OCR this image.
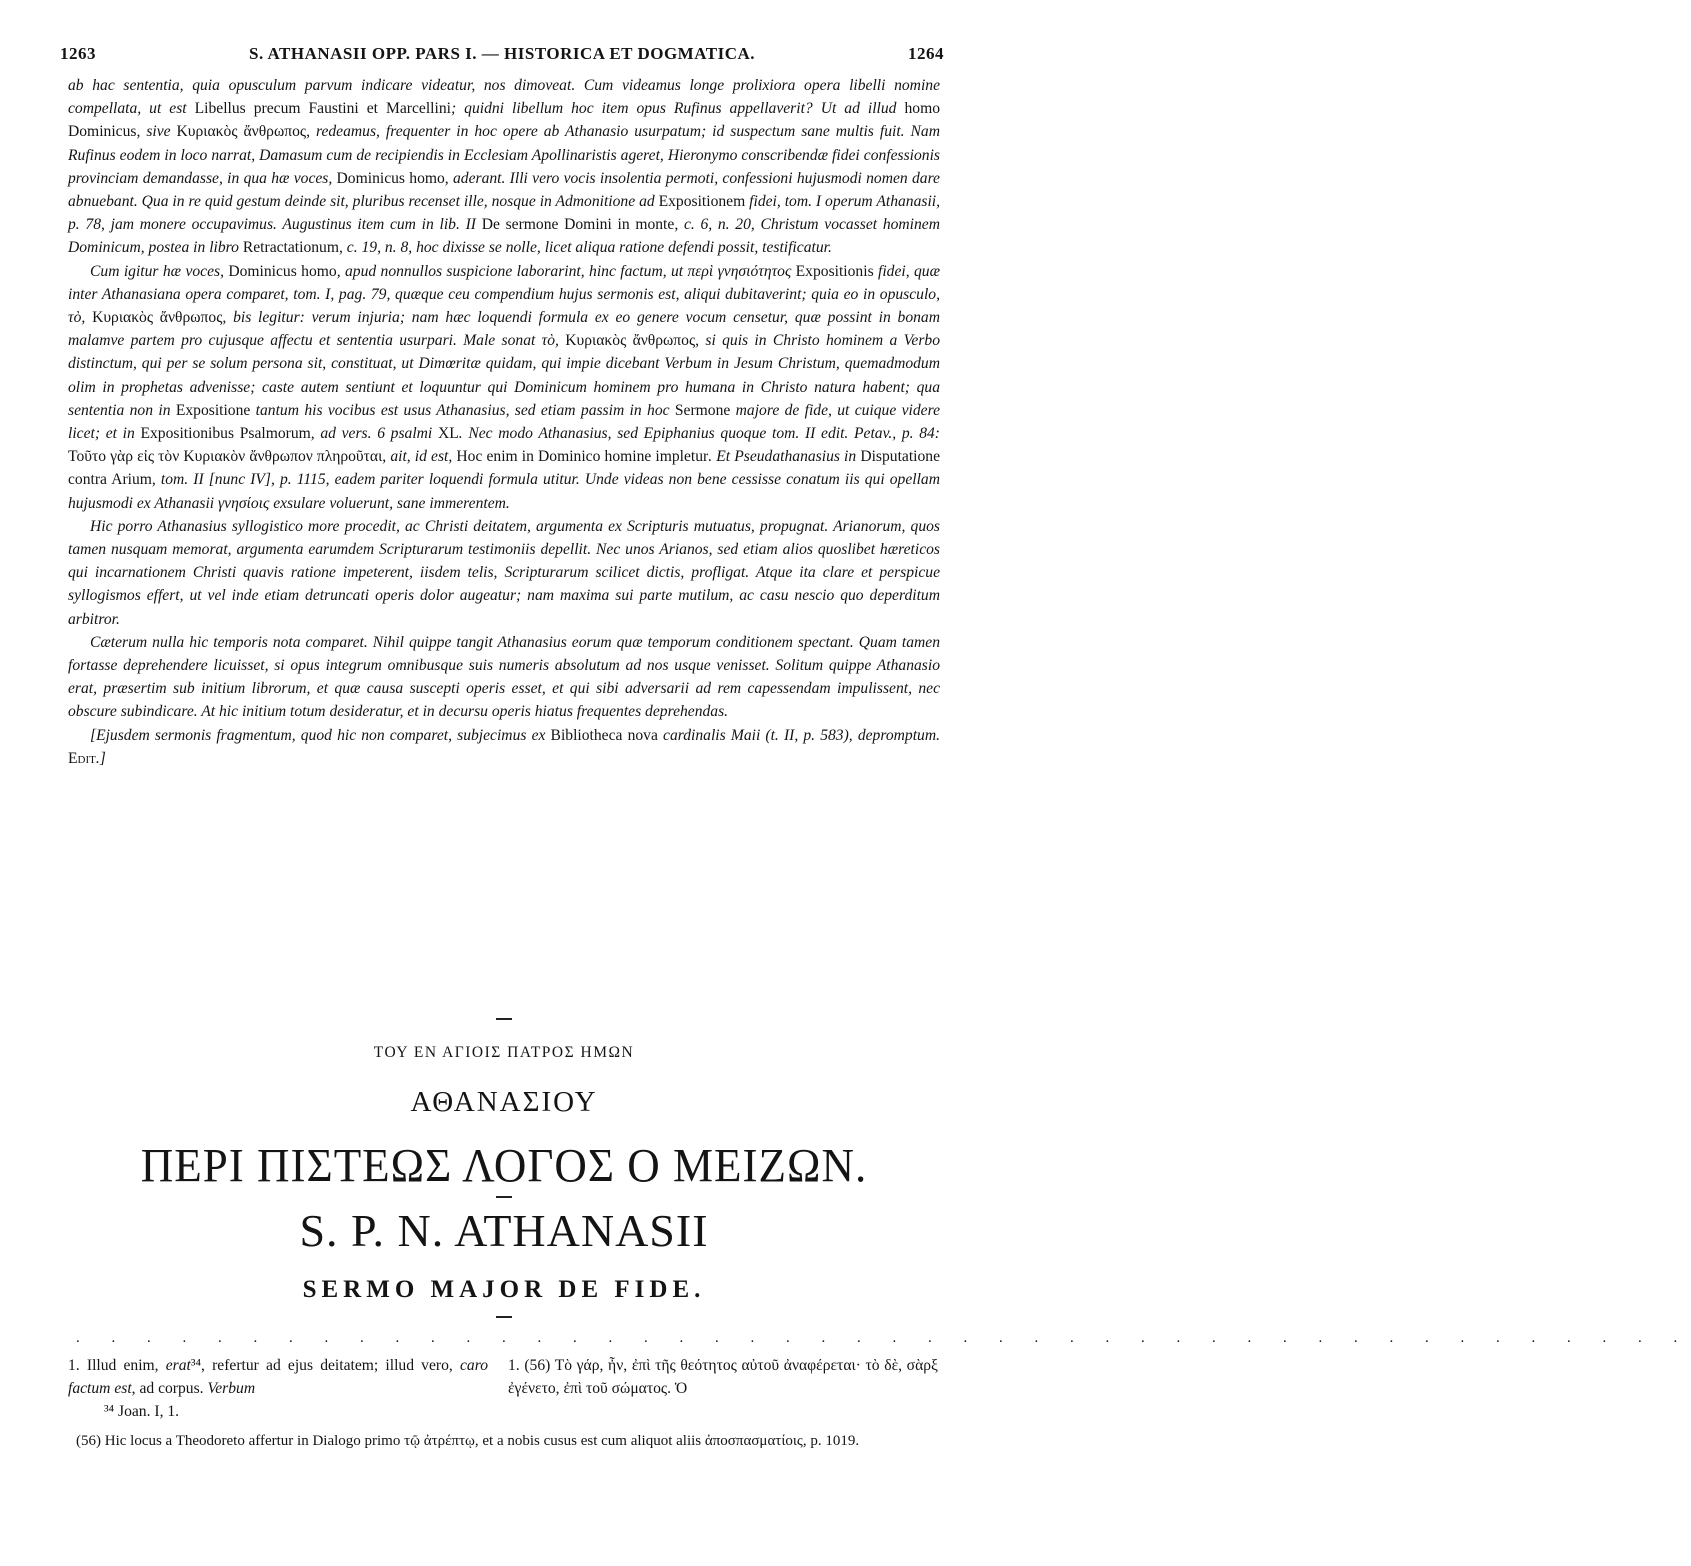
1263	S. ATHANASII OPP. PARS I. — HISTORICA ET DOGMATICA.	1264

ab hac sententia, quia opusculum parvum indicare videatur, nos dimoveat. Cum videamus longe prolixiora opera libelli nomine compellata, ut est Libellus precum Faustini et Marcellini; quidni libellum hoc item opus Rufinus appellaverit? Ut ad illud homo Dominicus, sive Κυριακὸς ἄνθρωπος, redeamus, frequenter in hoc opere ab Athanasio usurpatum; id suspectum sane multis fuit. Nam Rufinus eodem in loco narrat, Damasum cum de recipiendis in Ecclesiam Apollinaristis ageret, Hieronymo conscribendæ fidei confessionis provinciam demandasse, in qua hæ voces, Dominicus homo, aderant. Illi vero vocis insolentia permoti, confessioni hujusmodi nomen dare abnuebant. Qua in re quid gestum deinde sit, pluribus recenset ille, nosque in Admonitione ad Expositionem fidei, tom. I operum Athanasii, p. 78, jam monere occupavimus. Augustinus item cum in lib. II De sermone Domini in monte, c. 6, n. 20, Christum vocasset hominem Dominicum, postea in libro Retractationum, c. 19, n. 8, hoc dixisse se nolle, licet aliqua ratione defendi possit, testificatur.

Cum igitur hæ voces, Dominicus homo, apud nonnullos suspicione laborarint, hinc factum, ut περὶ γνησιότητος Expositionis fidei, quæ inter Athanasiana opera comparet, tom. I, pag. 79, quæque ceu compendium hujus sermonis est, aliqui dubitaverint; quia eo in opusculo, τὸ, Κυριακὸς ἄνθρωπος, bis legitur: verum injuria; nam hæc loquendi formula ex eo genere vocum censetur, quæ possint in bonam malamve partem pro cujusque affectu et sententia usurpari. Male sonat τὸ, Κυριακὸς ἄνθρωπος, si quis in Christo hominem a Verbo distinctum, qui per se solum persona sit, constituat, ut Dimœritæ quidam, qui impie dicebant Verbum in Jesum Christum, quemadmodum olim in prophetas advenisse; caste autem sentiunt et loquuntur qui Dominicum hominem pro humana in Christo natura habent; qua sententia non in Expositione tantum his vocibus est usus Athanasius, sed etiam passim in hoc Sermone majore de fide, ut cuique videre licet; et in Expositionibus Psalmorum, ad vers. 6 psalmi XL. Nec modo Athanasius, sed Epiphanius quoque tom. II edit. Petav., p. 84: Τοῦτο γὰρ εἰς τὸν Κυριακὸν ἄνθρωπον πληροῦται, ait, id est, Hoc enim in Dominico homine impletur. Et Pseudathanasius in Disputatione contra Arium, tom. II [nunc IV], p. 1115, eadem pariter loquendi formula utitur. Unde videas non bene cessisse conatum iis qui opellam hujusmodi ex Athanasii γνησίοις exsulare voluerunt, sane immerentem.

Hic porro Athanasius syllogistico more procedit, ac Christi deitatem, argumenta ex Scripturis mutuatus, propugnat. Arianorum, quos tamen nusquam memorat, argumenta earumdem Scripturarum testimoniis depellit. Nec unos Arianos, sed etiam alios quoslibet hæreticos qui incarnationem Christi quavis ratione impeterent, iisdem telis, Scripturarum scilicet dictis, profligat. Atque ita clare et perspicue syllogismos effert, ut vel inde etiam detruncati operis dolor augeatur; nam maxima sui parte mutilum, ac casu nescio quo deperditum arbitror.

Cæterum nulla hic temporis nota comparet. Nihil quippe tangit Athanasius eorum quæ temporum conditionem spectant. Quam tamen fortasse deprehendere licuisset, si opus integrum omnibusque suis numeris absolutum ad nos usque venisset. Solitum quippe Athanasio erat, præsertim sub initium librorum, et quæ causa suscepti operis esset, et qui sibi adversarii ad rem capessendam impulissent, nec obscure subindicare. At hic initium totum desideratur, et in decursu operis hiatus frequentes deprehendas.

[Ejusdem sermonis fragmentum, quod hic non comparet, subjecimus ex Bibliotheca nova cardinalis Maii (t. II, p. 583), depromptum. Edit.]

ΤΟΥ ΕΝ ΑΓΙΟΙΣ ΠΑΤΡΟΣ ΗΜΩΝ
ΑΘΑΝΑΣΙΟΥ
ΠΕΡΙ ΠΙΣΤΕΩΣ ΛΟΓΟΣ Ο ΜΕΙΖΩΝ.
S. P. N. ATHANASII
SERMO MAJOR DE FIDE.
. . . . . . . . . . . . . . . . . . . . . . . . . . . . . . . . . . . . . . . . . . . . . .
1. Illud enim, erat³⁴, refertur ad ejus deitatem; illud vero, caro factum est, ad corpus. Verbum
³⁴ Joan. I, 1.
1. (56) Τὸ γάρ, ἦν, ἐπὶ τῆς θεότητος αὐτοῦ ἀναφέρεται· τὸ δὲ, σὰρξ ἐγένετο, ἐπὶ τοῦ σώματος. Ὁ
(56) Hic locus a Theodoreto affertur in Dialogo primo τῷ ἀτρέπτῳ, et a nobis cusus est cum aliquot aliis ἀποσπασματίοις, p. 1019.
